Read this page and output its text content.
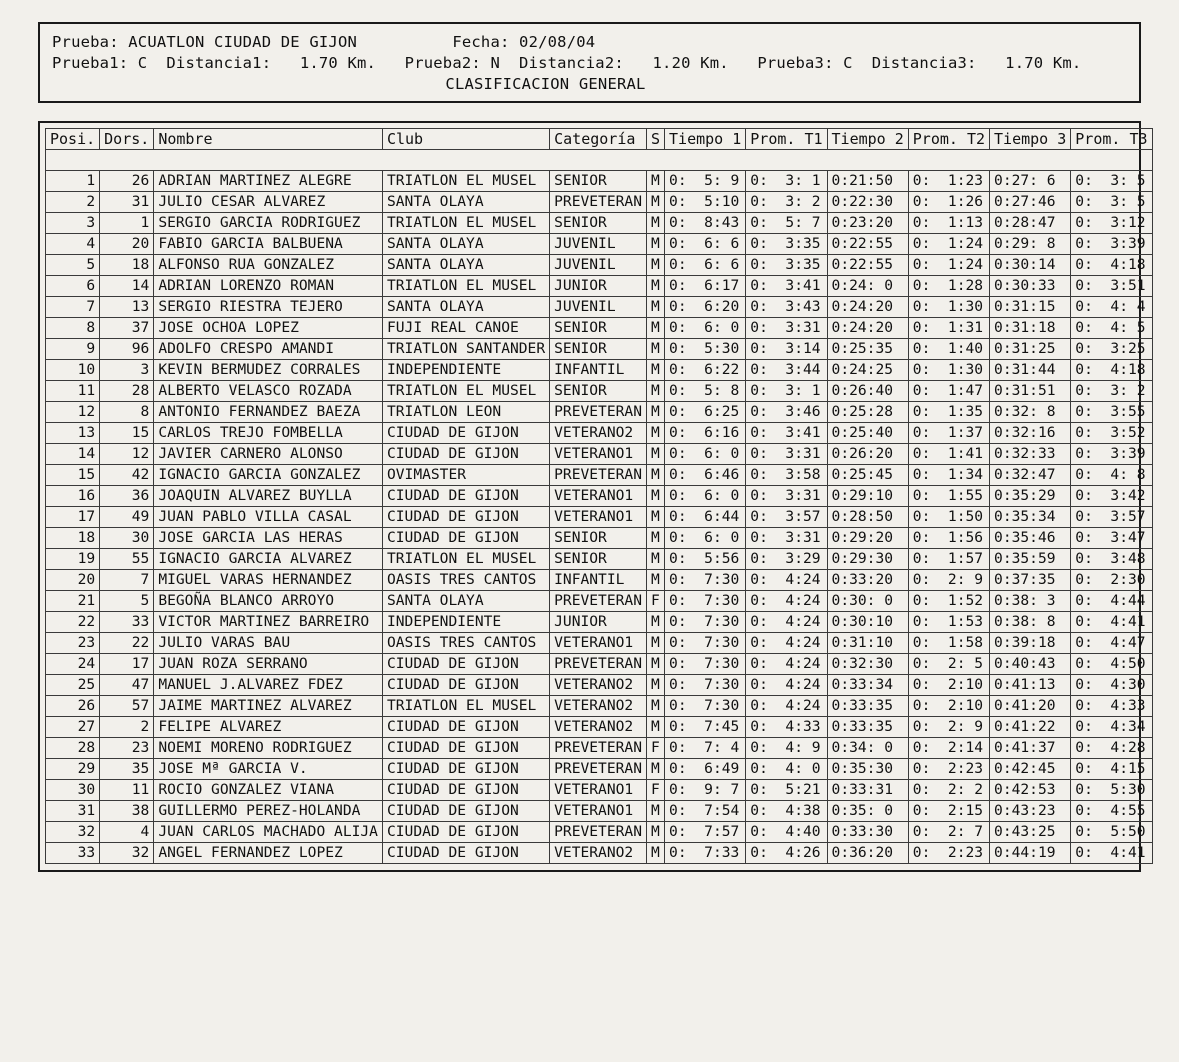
Prueba: ACUATLON CIUDAD DE GIJON          Fecha: 02/08/04
Prueba1: C  Distancia1:   1.70 Km.   Prueba2: N  Distancia2:   1.20 Km.   Prueba3: C  Distancia3:   1.70 Km.
CLASIFICACION GENERAL
Posi.	Dors.	Nombre	Club	Categoría	S	Tiempo 1	Prom. T1	Tiempo 2	Prom. T2	Tiempo 3	Prom. T3

1	26	ADRIAN MARTINEZ ALEGRE	TRIATLON EL MUSEL	SENIOR	M	0:  5: 9	0:  3: 1	0:21:50	0:  1:23	0:27: 6	0:  3: 5
2	31	JULIO CESAR ALVAREZ	SANTA OLAYA	PREVETERAN	M	0:  5:10	0:  3: 2	0:22:30	0:  1:26	0:27:46	0:  3: 5
3	1	SERGIO GARCIA RODRIGUEZ	TRIATLON EL MUSEL	SENIOR	M	0:  8:43	0:  5: 7	0:23:20	0:  1:13	0:28:47	0:  3:12
4	20	FABIO GARCIA BALBUENA	SANTA OLAYA	JUVENIL	M	0:  6: 6	0:  3:35	0:22:55	0:  1:24	0:29: 8	0:  3:39
5	18	ALFONSO RUA GONZALEZ	SANTA OLAYA	JUVENIL	M	0:  6: 6	0:  3:35	0:22:55	0:  1:24	0:30:14	0:  4:18
6	14	ADRIAN LORENZO ROMAN	TRIATLON EL MUSEL	JUNIOR	M	0:  6:17	0:  3:41	0:24: 0	0:  1:28	0:30:33	0:  3:51
7	13	SERGIO RIESTRA TEJERO	SANTA OLAYA	JUVENIL	M	0:  6:20	0:  3:43	0:24:20	0:  1:30	0:31:15	0:  4: 4
8	37	JOSE OCHOA LOPEZ	FUJI REAL CANOE	SENIOR	M	0:  6: 0	0:  3:31	0:24:20	0:  1:31	0:31:18	0:  4: 5
9	96	ADOLFO CRESPO AMANDI	TRIATLON SANTANDER	SENIOR	M	0:  5:30	0:  3:14	0:25:35	0:  1:40	0:31:25	0:  3:25
10	3	KEVIN BERMUDEZ CORRALES	INDEPENDIENTE	INFANTIL	M	0:  6:22	0:  3:44	0:24:25	0:  1:30	0:31:44	0:  4:18
11	28	ALBERTO VELASCO ROZADA	TRIATLON EL MUSEL	SENIOR	M	0:  5: 8	0:  3: 1	0:26:40	0:  1:47	0:31:51	0:  3: 2
12	8	ANTONIO FERNANDEZ BAEZA	TRIATLON LEON	PREVETERAN	M	0:  6:25	0:  3:46	0:25:28	0:  1:35	0:32: 8	0:  3:55
13	15	CARLOS TREJO FOMBELLA	CIUDAD DE GIJON	VETERANO2	M	0:  6:16	0:  3:41	0:25:40	0:  1:37	0:32:16	0:  3:52
14	12	JAVIER CARNERO ALONSO	CIUDAD DE GIJON	VETERANO1	M	0:  6: 0	0:  3:31	0:26:20	0:  1:41	0:32:33	0:  3:39
15	42	IGNACIO GARCIA GONZALEZ	OVIMASTER	PREVETERAN	M	0:  6:46	0:  3:58	0:25:45	0:  1:34	0:32:47	0:  4: 8
16	36	JOAQUIN ALVAREZ BUYLLA	CIUDAD DE GIJON	VETERANO1	M	0:  6: 0	0:  3:31	0:29:10	0:  1:55	0:35:29	0:  3:42
17	49	JUAN PABLO VILLA CASAL	CIUDAD DE GIJON	VETERANO1	M	0:  6:44	0:  3:57	0:28:50	0:  1:50	0:35:34	0:  3:57
18	30	JOSE GARCIA LAS HERAS	CIUDAD DE GIJON	SENIOR	M	0:  6: 0	0:  3:31	0:29:20	0:  1:56	0:35:46	0:  3:47
19	55	IGNACIO GARCIA ALVAREZ	TRIATLON EL MUSEL	SENIOR	M	0:  5:56	0:  3:29	0:29:30	0:  1:57	0:35:59	0:  3:48
20	7	MIGUEL VARAS HERNANDEZ	OASIS TRES CANTOS	INFANTIL	M	0:  7:30	0:  4:24	0:33:20	0:  2: 9	0:37:35	0:  2:30
21	5	BEGOÑA BLANCO ARROYO	SANTA OLAYA	PREVETERAN	F	0:  7:30	0:  4:24	0:30: 0	0:  1:52	0:38: 3	0:  4:44
22	33	VICTOR MARTINEZ BARREIRO	INDEPENDIENTE	JUNIOR	M	0:  7:30	0:  4:24	0:30:10	0:  1:53	0:38: 8	0:  4:41
23	22	JULIO VARAS BAU	OASIS TRES CANTOS	VETERANO1	M	0:  7:30	0:  4:24	0:31:10	0:  1:58	0:39:18	0:  4:47
24	17	JUAN ROZA SERRANO	CIUDAD DE GIJON	PREVETERAN	M	0:  7:30	0:  4:24	0:32:30	0:  2: 5	0:40:43	0:  4:50
25	47	MANUEL J.ALVAREZ FDEZ	CIUDAD DE GIJON	VETERANO2	M	0:  7:30	0:  4:24	0:33:34	0:  2:10	0:41:13	0:  4:30
26	57	JAIME MARTINEZ ALVAREZ	TRIATLON EL MUSEL	VETERANO2	M	0:  7:30	0:  4:24	0:33:35	0:  2:10	0:41:20	0:  4:33
27	2	FELIPE ALVAREZ	CIUDAD DE GIJON	VETERANO2	M	0:  7:45	0:  4:33	0:33:35	0:  2: 9	0:41:22	0:  4:34
28	23	NOEMI MORENO RODRIGUEZ	CIUDAD DE GIJON	PREVETERAN	F	0:  7: 4	0:  4: 9	0:34: 0	0:  2:14	0:41:37	0:  4:28
29	35	JOSE Mª GARCIA V.	CIUDAD DE GIJON	PREVETERAN	M	0:  6:49	0:  4: 0	0:35:30	0:  2:23	0:42:45	0:  4:15
30	11	ROCIO GONZALEZ VIANA	CIUDAD DE GIJON	VETERANO1	F	0:  9: 7	0:  5:21	0:33:31	0:  2: 2	0:42:53	0:  5:30
31	38	GUILLERMO PEREZ-HOLANDA	CIUDAD DE GIJON	VETERANO1	M	0:  7:54	0:  4:38	0:35: 0	0:  2:15	0:43:23	0:  4:55
32	4	JUAN CARLOS MACHADO ALIJA	CIUDAD DE GIJON	PREVETERAN	M	0:  7:57	0:  4:40	0:33:30	0:  2: 7	0:43:25	0:  5:50
33	32	ANGEL FERNANDEZ LOPEZ	CIUDAD DE GIJON	VETERANO2	M	0:  7:33	0:  4:26	0:36:20	0:  2:23	0:44:19	0:  4:41
